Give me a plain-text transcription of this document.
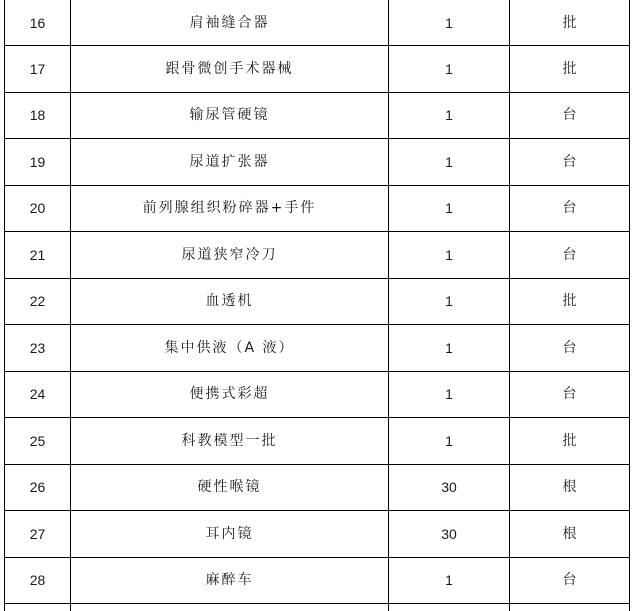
16	肩袖缝合器	1	批
17	跟骨微创手术器械	1	批
18	输尿管硬镜	1	台
19	尿道扩张器	1	台
20	前列腺组织粉碎器+手件	1	台
21	尿道狭窄冷刀	1	台
22	血透机	1	批
23	集中供液（A 液）	1	台
24	便携式彩超	1	台
25	科教模型一批	1	批
26	硬性喉镜	30	根
27	耳内镜	30	根
28	麻醉车	1	台
